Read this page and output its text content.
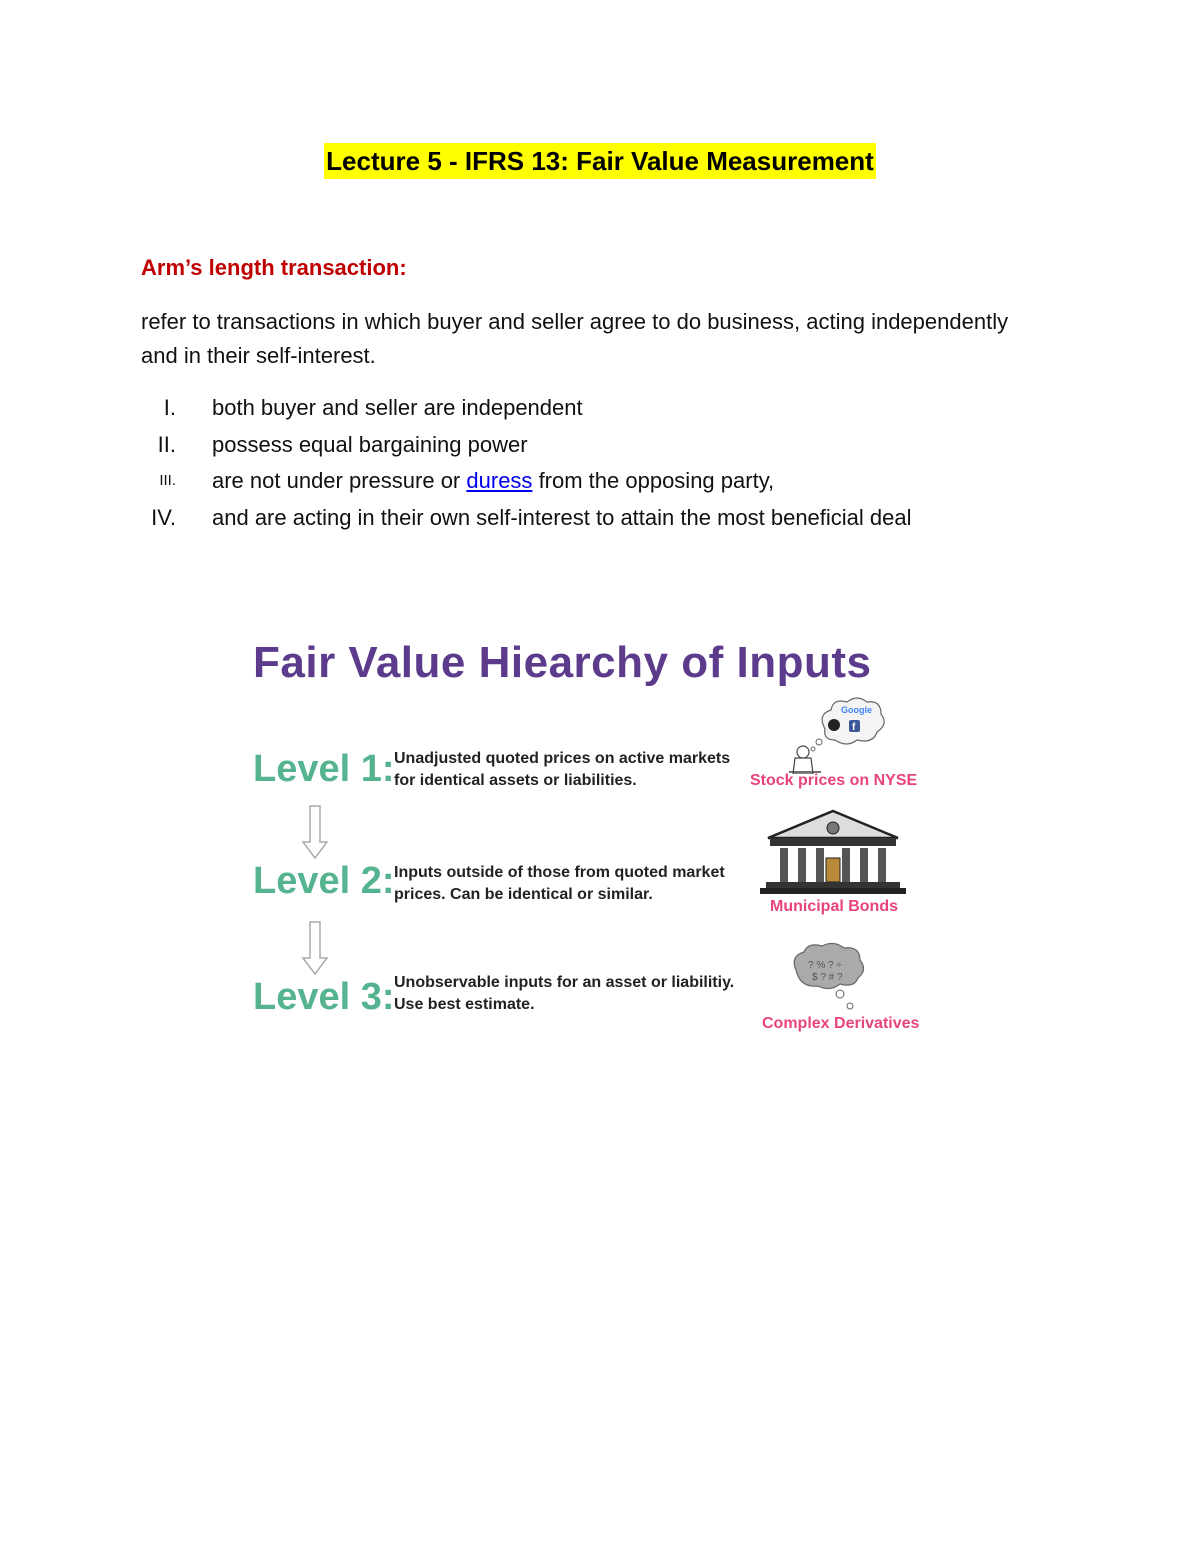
Lecture 5 - IFRS 13: Fair Value Measurement
Arm’s length transaction:
refer to transactions in which buyer and seller agree to do business, acting independently and in their self-interest.
I. both buyer and seller are independent
II. possess equal bargaining power
III. are not under pressure or duress from the opposing party,
IV. and are acting in their own self-interest to attain the most beneficial deal
Fair Value Hiearchy of Inputs
Level 1: Unadjusted quoted prices on active markets for identical assets or liabilities.
Google
f
Stock prices on NYSE
Level 2: Inputs outside of those from quoted market prices. Can be identical or similar.
Municipal Bonds
Level 3: Unobservable inputs for an asset or liabilitiy. Use best estimate.
? % ? ÷
$ ? # ?
Complex Derivatives
